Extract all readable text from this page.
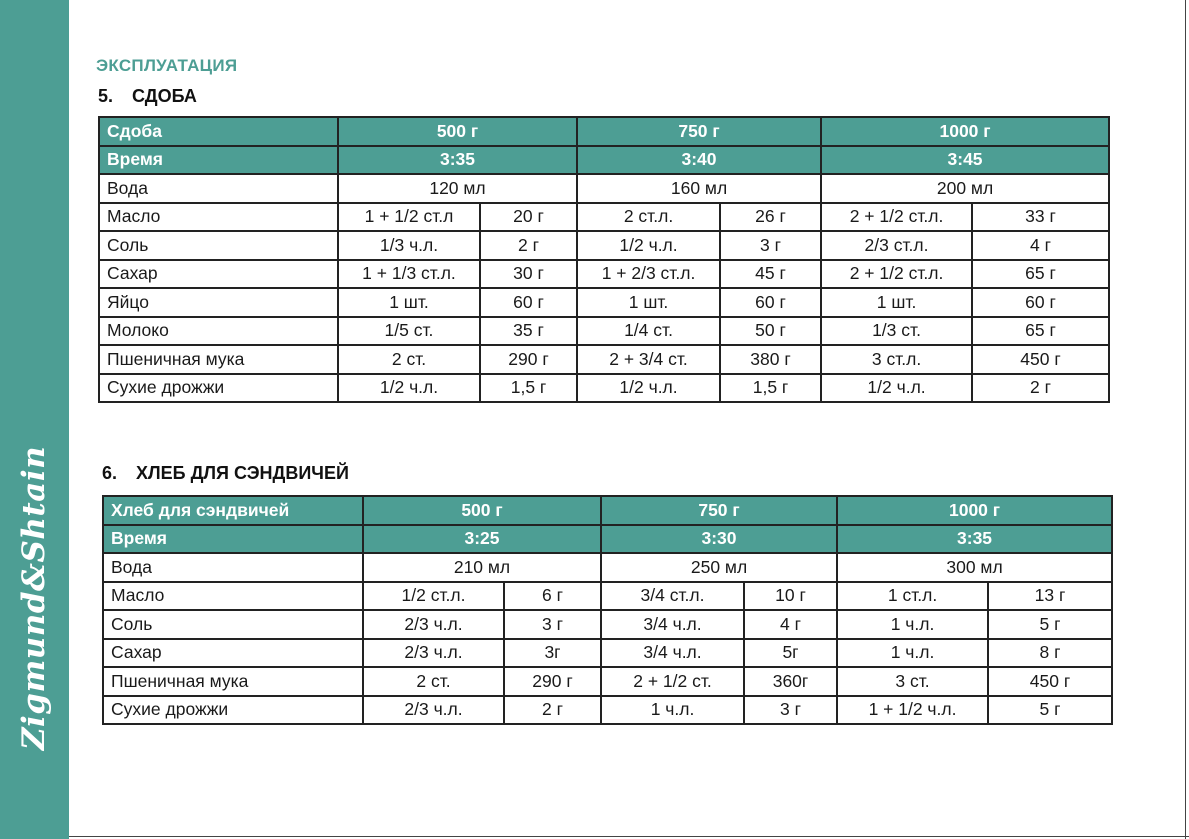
Zigmund&Shtain
ЭКСПЛУАТАЦИЯ
5. СДОБА
Сдоба	500 г		750 г		1000 г	
Время	3:35		3:40		3:45	
Вода	120 мл		160 мл		200 мл	
Масло	1 + 1/2 ст.л	20 г	2 ст.л.	26 г	2 + 1/2 ст.л.	33 г
Соль	1/3 ч.л.	2 г	1/2 ч.л.	3 г	2/3 ст.л.	4 г
Сахар	1 + 1/3 ст.л.	30 г	1 + 2/3 ст.л.	45 г	2 + 1/2 ст.л.	65 г
Яйцо	1 шт.	60 г	1 шт.	60 г	1 шт.	60 г
Молоко	1/5 ст.	35 г	1/4 ст.	50 г	1/3 ст.	65 г
Пшеничная мука	2 ст.	290 г	2 + 3/4 ст.	380 г	3 ст.л.	450 г
Сухие дрожжи	1/2 ч.л.	1,5 г	1/2 ч.л.	1,5 г	1/2 ч.л.	2 г
6. ХЛЕБ ДЛЯ СЭНДВИЧЕЙ
Хлеб для сэндвичей	500 г		750 г		1000 г	
Время	3:25		3:30		3:35	
Вода	210 мл		250 мл		300 мл	
Масло	1/2 ст.л.	6 г	3/4 ст.л.	10 г	1 ст.л.	13 г
Соль	2/3 ч.л.	3 г	3/4 ч.л.	4 г	1 ч.л.	5 г
Сахар	2/3 ч.л.	3г	3/4 ч.л.	5г	1 ч.л.	8 г
Пшеничная мука	2 ст.	290 г	2 + 1/2 ст.	360г	3 ст.	450 г
Сухие дрожжи	2/3 ч.л.	2 г	1 ч.л.	3 г	1 + 1/2 ч.л.	5 г
